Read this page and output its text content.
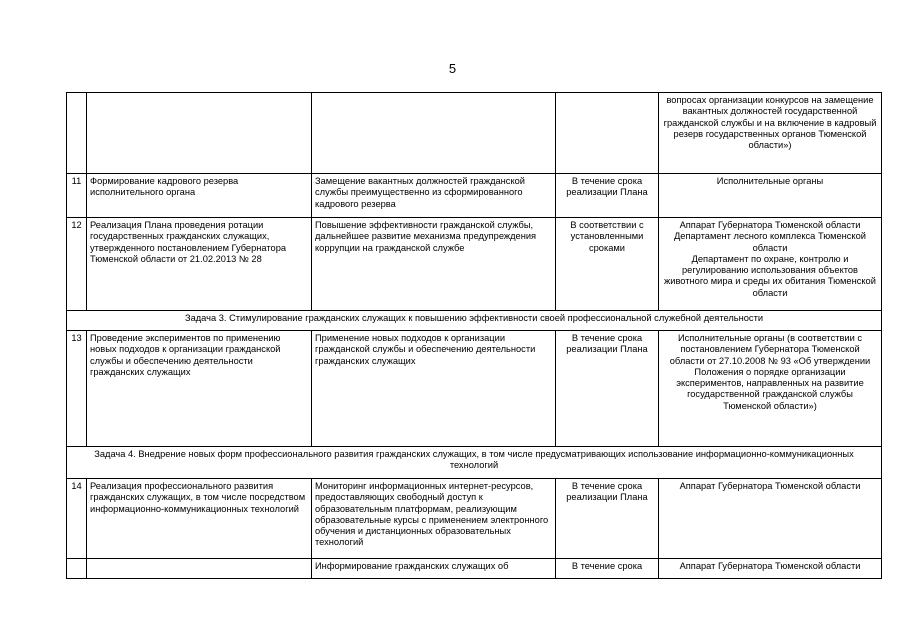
5
				вопросах организации конкурсов на замещение вакантных должностей государственной гражданской службы и на включение в кадровый резерв государственных органов Тюменской области»)
11	Формирование кадрового резерва исполнительного органа	Замещение вакантных должностей гражданской службы преимущественно из сформированного кадрового резерва	В течение срока реализации Плана	Исполнительные органы
12	Реализация Плана проведения ротации государственных гражданских служащих, утвержденного постановлением Губернатора Тюменской области от 21.02.2013 № 28	Повышение эффективности гражданской службы, дальнейшее развитие механизма предупреждения коррупции на гражданской службе	В соответствии с установленными сроками	Аппарат Губернатора Тюменской области
Департамент лесного комплекса Тюменской области
Департамент по охране, контролю и регулированию использования объектов животного мира и среды их обитания Тюменской области

Задача 3. Стимулирование гражданских служащих к повышению эффективности своей профессиональной служебной деятельности				
13	Проведение экспериментов по применению новых подходов к организации гражданской службы и обеспечению деятельности гражданских служащих	Применение новых подходов к организации гражданской службы и обеспечению деятельности гражданских служащих	В течение срока реализации Плана	Исполнительные органы (в соответствии с постановлением Губернатора Тюменской области от 27.10.2008 № 93 «Об утверждении Положения о порядке организации экспериментов, направленных на развитие государственной гражданской службы Тюменской области»)
Задача 4. Внедрение новых форм профессионального развития гражданских служащих, в том числе предусматривающих использование информационно-коммуникационных технологий				
14	Реализация профессионального развития гражданских служащих, в том числе посредством информационно-коммуникационных технологий	Мониторинг информационных интернет-ресурсов, предоставляющих свободный доступ к образовательным платформам, реализующим образовательные курсы с применением электронного обучения и дистанционных образовательных технологий	В течение срока реализации Плана	Аппарат Губернатора Тюменской области
		Информирование гражданских служащих об	В течение срока	Аппарат Губернатора Тюменской области
